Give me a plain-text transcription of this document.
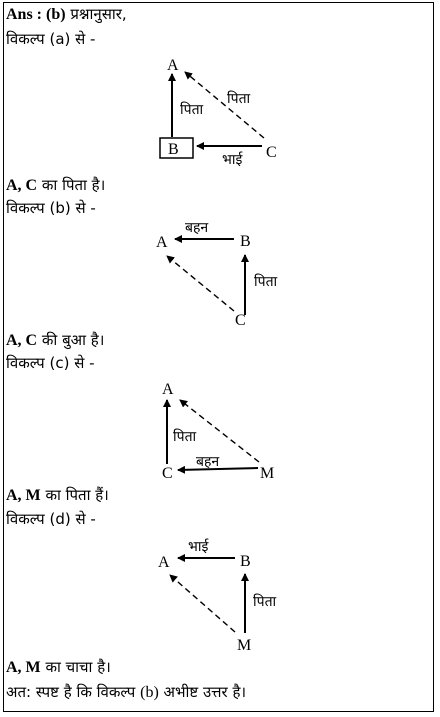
Ans : (b) प्रश्नानुसार,
विकल्प (a) से -
A
B	C
पिता
पिता
भाई
A, C का पिता है।
विकल्प (b) से -
A	B
C
बहन
पिता
A, C की बुआ है।
विकल्प (c) से -
A
C	M
पिता
बहन
A, M का पिता हैं।
विकल्प (d) से -
A	B
M
भाई
पिता
A, M का चाचा है।
अत: स्पष्ट है कि विकल्प (b) अभीष्ट उत्तर है।
